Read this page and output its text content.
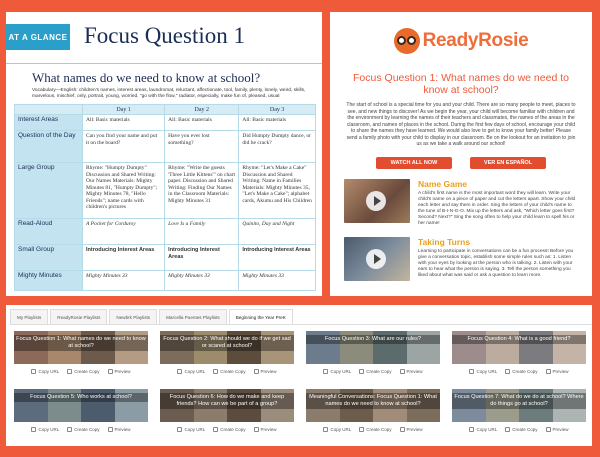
AT A GLANCE Focus Question 1
What names do we need to know at school?
Vocabulary—English: children's names, interest areas, laundromat, reluctant, affectionate, tool, family, plenty, lonely, weird, skills, marvelous, mischief, only, portrait, young, worried, "go with the flow," radiator, especially, make fun of, pleased, usual
	Day 1	Day 2	Day 3
Interest Areas	All: Basic materials	All: Basic materials	All: Basic materials
Question of the Day	Can you find your name and put it on the board?	Have you ever lost something?	Did Humpty Dumpty dance, or did he crack?
Large Group	Rhyme: "Humpty Dumpty" Discussion and Shared Writing: Our Names Materials: Mighty Minutes 81, "Humpty Dumpty"; Mighty Minutes 78, "Hello Friends"; name cards with children's pictures	Rhyme: "Write the guests 'Three Little Kittens'" on chart paper. Discussion and Shared Writing: Finding Our Names in the Classroom Materials: Mighty Minutes 31	Rhyme: "Let's Make a Cake" Discussion and Shared Writing: Name in Families Materials: Mighty Minutes 35, "Let's Make a Cake"; alphabet cards, Akumu and His Children
Read-Aloud	A Pocket for Corduroy	Love Is a Family	Quinito, Day and Night
Small Group	Introducing Interest Areas	Introducing Interest Areas	Introducing Interest Areas
Mighty Minutes	Mighty Minutes 33	Mighty Minutes 33	Mighty Minutes 33
ReadyRosie
Focus Question 1: What names do we need to know at school?

The start of school is a special time for you and your child. There are so many people to meet, places to see, and new things to discover! As we begin the year, your child will become familiar with children and the environment by learning the names of their teachers and classmates, the names of the areas in the classroom, and names of places in the school. During the first few days of school, encourage your child to share the names they have learned. We would also love to get to know your family better! Please send a family photo with your child to display in our classroom. Be on the lookout for an invitation to join us as we take a walk around our school!

WATCH ALL NOW	VER EN ESPAÑOL
Name Game

A child's first name is the most important word they will learn. Write your child's name on a piece of paper and cut the letters apart. Show your child each letter and say them in order. Sing the letters of your child's name to the tune of B-I-N-G-O. Mix up the letters and ask, "Which letter goes first? Second? Next?" Sing the song often to help your child learn to spell his or her name!

Taking Turns

Learning to participate in conversations can be a fun process! Before you give a conversation topic, establish some simple rules such as: 1. Listen with your eyes by looking at the person who is talking. 2. Listen with your ears to hear what the person is saying. 3. Tell the person something you liked about what was said or ask a question to learn more.

My Playlists	ReadyRosie Playlists	Newbrk Playlists	Marcella Puentes Playlists	Beginning the Year PreK
Focus Question 1: What names do we need to know at school?
Copy URL	Create Copy	Preview
Focus Question 2: What should we do if we get sad or scared at school?
Copy URL	Create Copy	Preview
Focus Question 3: What are our rules?
Copy URL	Create Copy	Preview
Focus Question 4: What is a good friend?
Copy URL	Create Copy	Preview
Focus Question 5: Who works at school?
Copy URL	Create Copy	Preview
Focus Question 6: How do we make and keep friends? How can we be part of a group?
Copy URL	Create Copy	Preview
Meaningful Conversations: Focus Question 1: What names do we need to know at school?
Copy URL	Create Copy	Preview
Focus Question 7: What do we do at school? Where do things go at school?
Copy URL	Create Copy	Preview
